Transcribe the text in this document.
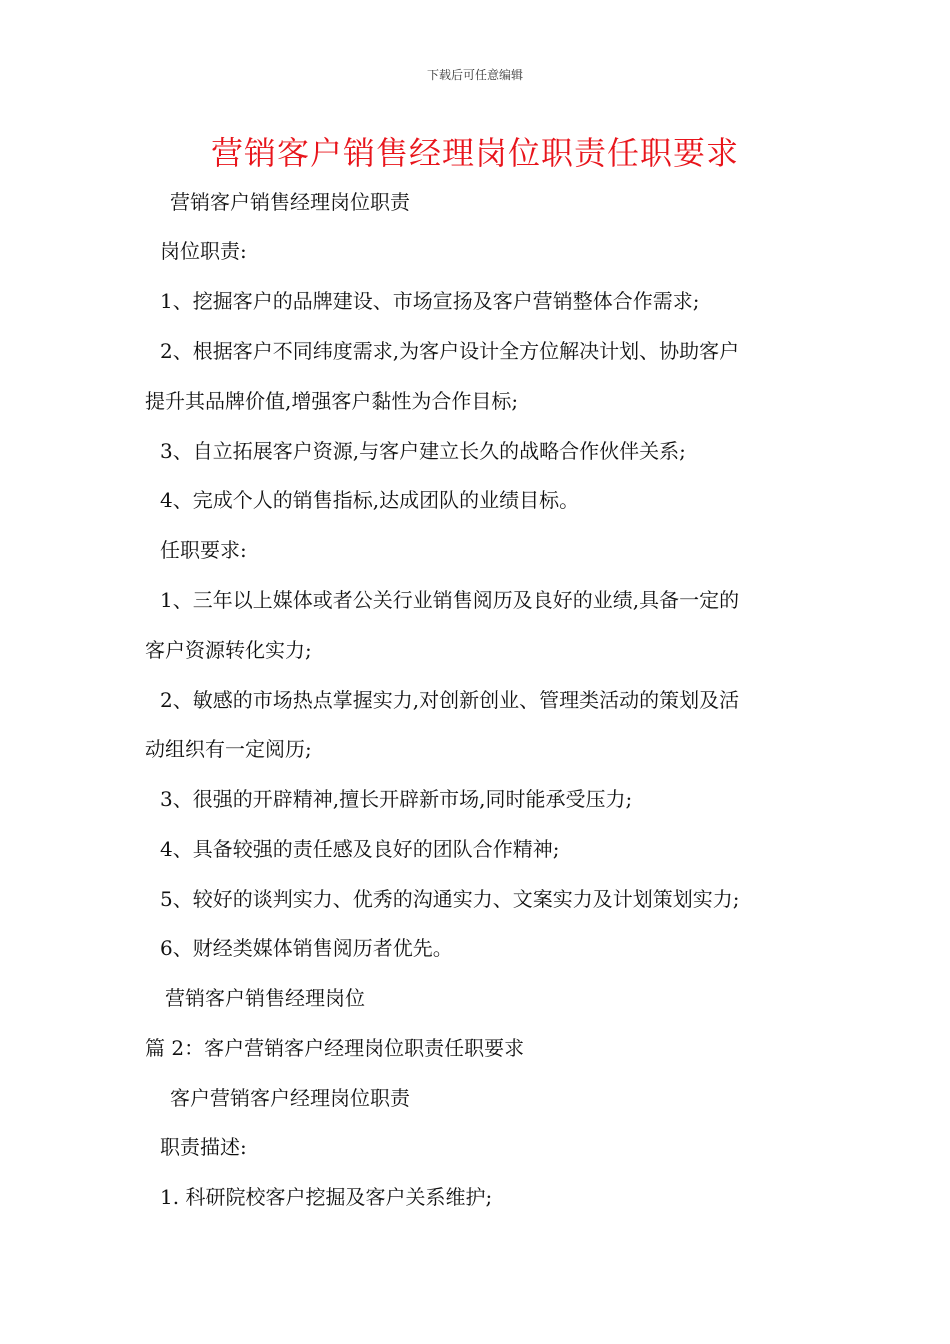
下载后可任意编辑
营销客户销售经理岗位职责任职要求
营销客户销售经理岗位职责
岗位职责:
1、挖掘客户的品牌建设、市场宣扬及客户营销整体合作需求;
2、根据客户不同纬度需求,为客户设计全方位解决计划、协助客户
提升其品牌价值,增强客户黏性为合作目标;
3、自立拓展客户资源,与客户建立长久的战略合作伙伴关系;
4、完成个人的销售指标,达成团队的业绩目标。
任职要求:
1、三年以上媒体或者公关行业销售阅历及良好的业绩,具备一定的
客户资源转化实力;
2、敏感的市场热点掌握实力,对创新创业、管理类活动的策划及活
动组织有一定阅历;
3、很强的开辟精神,擅长开辟新市场,同时能承受压力;
4、具备较强的责任感及良好的团队合作精神;
5、较好的谈判实力、优秀的沟通实力、文案实力及计划策划实力;
6、财经类媒体销售阅历者优先。
营销客户销售经理岗位
篇 2：客户营销客户经理岗位职责任职要求
客户营销客户经理岗位职责
职责描述:
1. 科研院校客户挖掘及客户关系维护;
